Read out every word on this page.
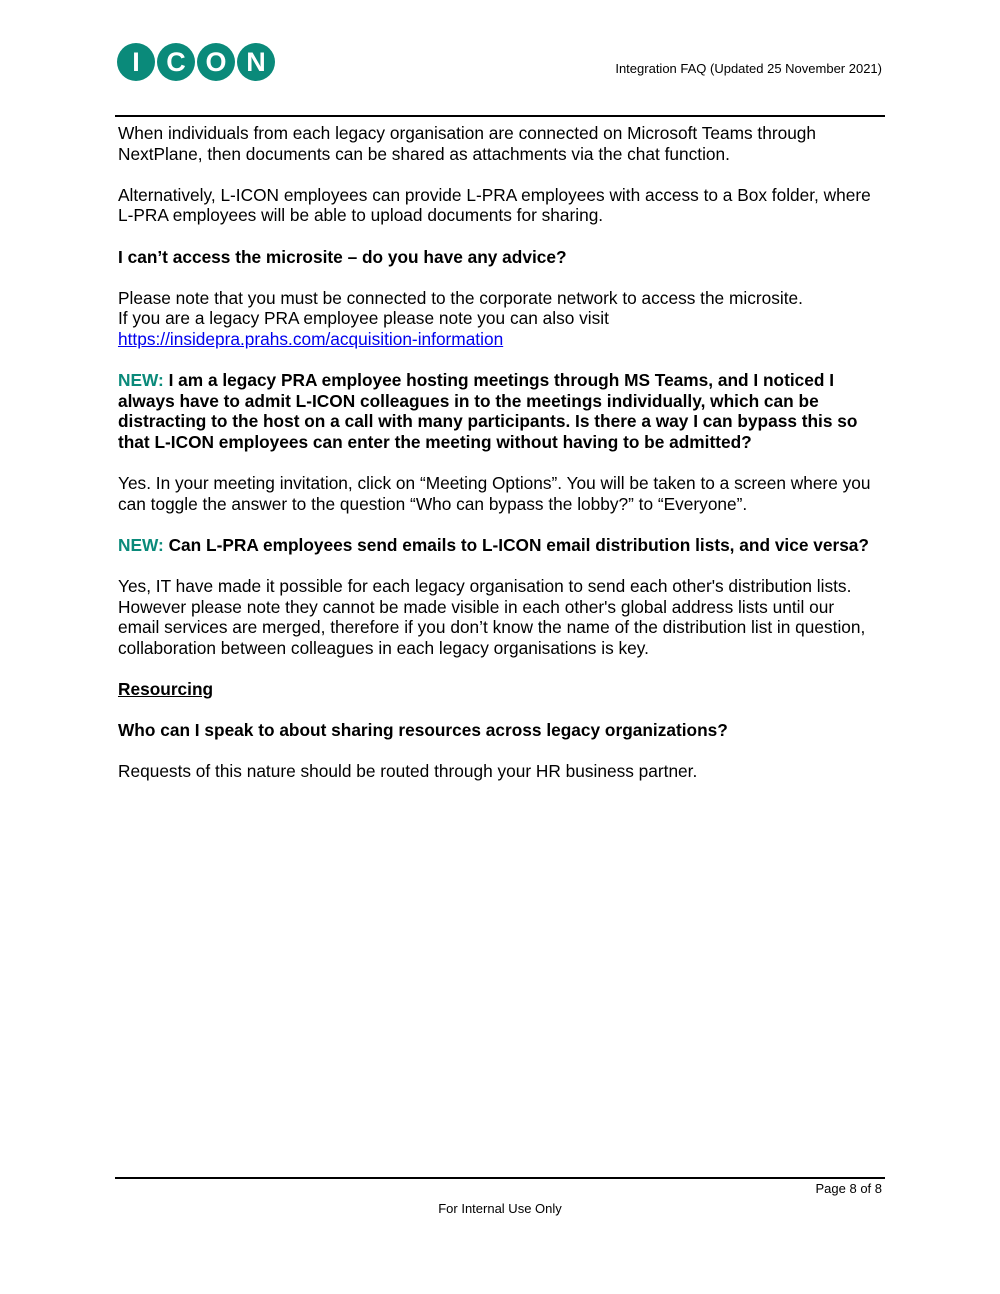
I C O N	Integration FAQ (Updated 25 November 2021)

When individuals from each legacy organisation are connected on Microsoft Teams through NextPlane, then documents can be shared as attachments via the chat function.

Alternatively, L-ICON employees can provide L-PRA employees with access to a Box folder, where L-PRA employees will be able to upload documents for sharing.

I can’t access the microsite – do you have any advice?

Please note that you must be connected to the corporate network to access the microsite.
If you are a legacy PRA employee please note you can also visit
https://insidepra.prahs.com/acquisition-information

NEW: I am a legacy PRA employee hosting meetings through MS Teams, and I noticed I always have to admit L-ICON colleagues in to the meetings individually, which can be distracting to the host on a call with many participants. Is there a way I can bypass this so that L-ICON employees can enter the meeting without having to be admitted?

Yes. In your meeting invitation, click on “Meeting Options”. You will be taken to a screen where you can toggle the answer to the question “Who can bypass the lobby?” to “Everyone”.

NEW: Can L-PRA employees send emails to L-ICON email distribution lists, and vice versa?

Yes, IT have made it possible for each legacy organisation to send each other's distribution lists. However please note they cannot be made visible in each other's global address lists until our email services are merged, therefore if you don’t know the name of the distribution list in question, collaboration between colleagues in each legacy organisations is key.

Resourcing

Who can I speak to about sharing resources across legacy organizations?

Requests of this nature should be routed through your HR business partner.

Page 8 of 8
For Internal Use Only
